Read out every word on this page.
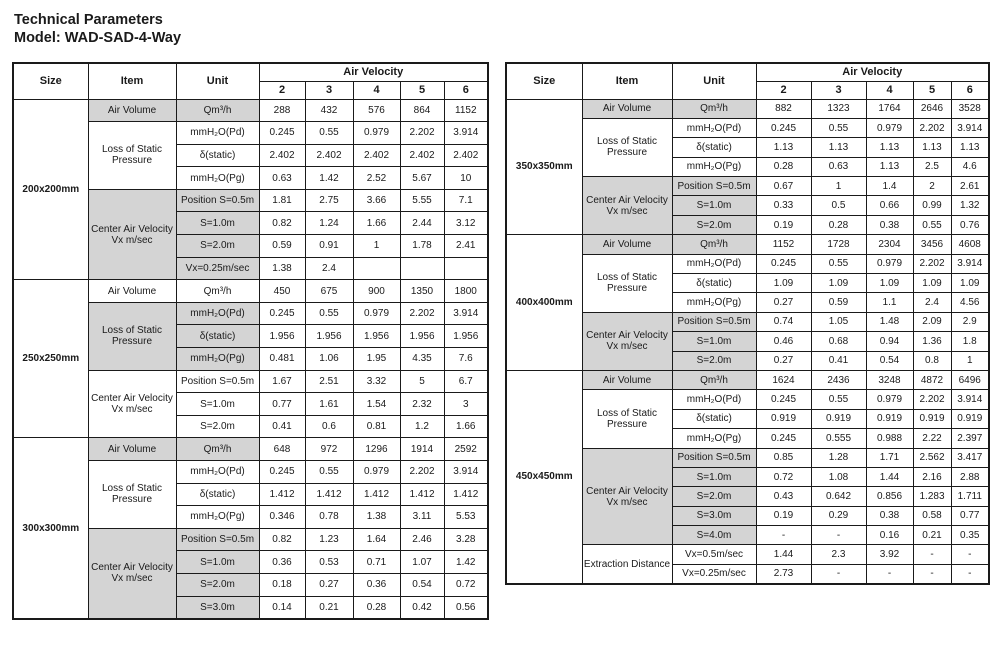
Technical Parameters
Model: WAD-SAD-4-Way
Size	Item	Unit	Air Velocity				
			2	3	4	5	6
200x200mm	Air Volume	Qm³/h	288	432	576	864	1152
	Loss of Static Pressure	mmH₂O(Pd)	0.245	0.55	0.979	2.202	3.914
		δ(static)	2.402	2.402	2.402	2.402	2.402
		mmH₂O(Pg)	0.63	1.42	2.52	5.67	10
	Center Air Velocity Vx m/sec	Position S=0.5m	1.81	2.75	3.66	5.55	7.1
		S=1.0m	0.82	1.24	1.66	2.44	3.12
		S=2.0m	0.59	0.91	1	1.78	2.41
		Vx=0.25m/sec	1.38	2.4			
250x250mm	Air Volume	Qm³/h	450	675	900	1350	1800
	Loss of Static Pressure	mmH₂O(Pd)	0.245	0.55	0.979	2.202	3.914
		δ(static)	1.956	1.956	1.956	1.956	1.956
		mmH₂O(Pg)	0.481	1.06	1.95	4.35	7.6
	Center Air Velocity Vx m/sec	Position S=0.5m	1.67	2.51	3.32	5	6.7
		S=1.0m	0.77	1.61	1.54	2.32	3
		S=2.0m	0.41	0.6	0.81	1.2	1.66
300x300mm	Air Volume	Qm³/h	648	972	1296	1914	2592
	Loss of Static Pressure	mmH₂O(Pd)	0.245	0.55	0.979	2.202	3.914
		δ(static)	1.412	1.412	1.412	1.412	1.412
		mmH₂O(Pg)	0.346	0.78	1.38	3.11	5.53
	Center Air Velocity Vx m/sec	Position S=0.5m	0.82	1.23	1.64	2.46	3.28
		S=1.0m	0.36	0.53	0.71	1.07	1.42
		S=2.0m	0.18	0.27	0.36	0.54	0.72
		S=3.0m	0.14	0.21	0.28	0.42	0.56
Size	Item	Unit	Air Velocity				
			2	3	4	5	6
350x350mm	Air Volume	Qm³/h	882	1323	1764	2646	3528
	Loss of Static Pressure	mmH₂O(Pd)	0.245	0.55	0.979	2.202	3.914
		δ(static)	1.13	1.13	1.13	1.13	1.13
		mmH₂O(Pg)	0.28	0.63	1.13	2.5	4.6
	Center Air Velocity Vx m/sec	Position S=0.5m	0.67	1	1.4	2	2.61
		S=1.0m	0.33	0.5	0.66	0.99	1.32
		S=2.0m	0.19	0.28	0.38	0.55	0.76
400x400mm	Air Volume	Qm³/h	1152	1728	2304	3456	4608
	Loss of Static Pressure	mmH₂O(Pd)	0.245	0.55	0.979	2.202	3.914
		δ(static)	1.09	1.09	1.09	1.09	1.09
		mmH₂O(Pg)	0.27	0.59	1.1	2.4	4.56
	Center Air Velocity Vx m/sec	Position S=0.5m	0.74	1.05	1.48	2.09	2.9
		S=1.0m	0.46	0.68	0.94	1.36	1.8
		S=2.0m	0.27	0.41	0.54	0.8	1
450x450mm	Air Volume	Qm³/h	1624	2436	3248	4872	6496
	Loss of Static Pressure	mmH₂O(Pd)	0.245	0.55	0.979	2.202	3.914
		δ(static)	0.919	0.919	0.919	0.919	0.919
		mmH₂O(Pg)	0.245	0.555	0.988	2.22	2.397
	Center Air Velocity Vx m/sec	Position S=0.5m	0.85	1.28	1.71	2.562	3.417
		S=1.0m	0.72	1.08	1.44	2.16	2.88
		S=2.0m	0.43	0.642	0.856	1.283	1.711
		S=3.0m	0.19	0.29	0.38	0.58	0.77
		S=4.0m	-	-	0.16	0.21	0.35
	Extraction Distance	Vx=0.5m/sec	1.44	2.3	3.92	-	-
		Vx=0.25m/sec	2.73	-	-	-	-
